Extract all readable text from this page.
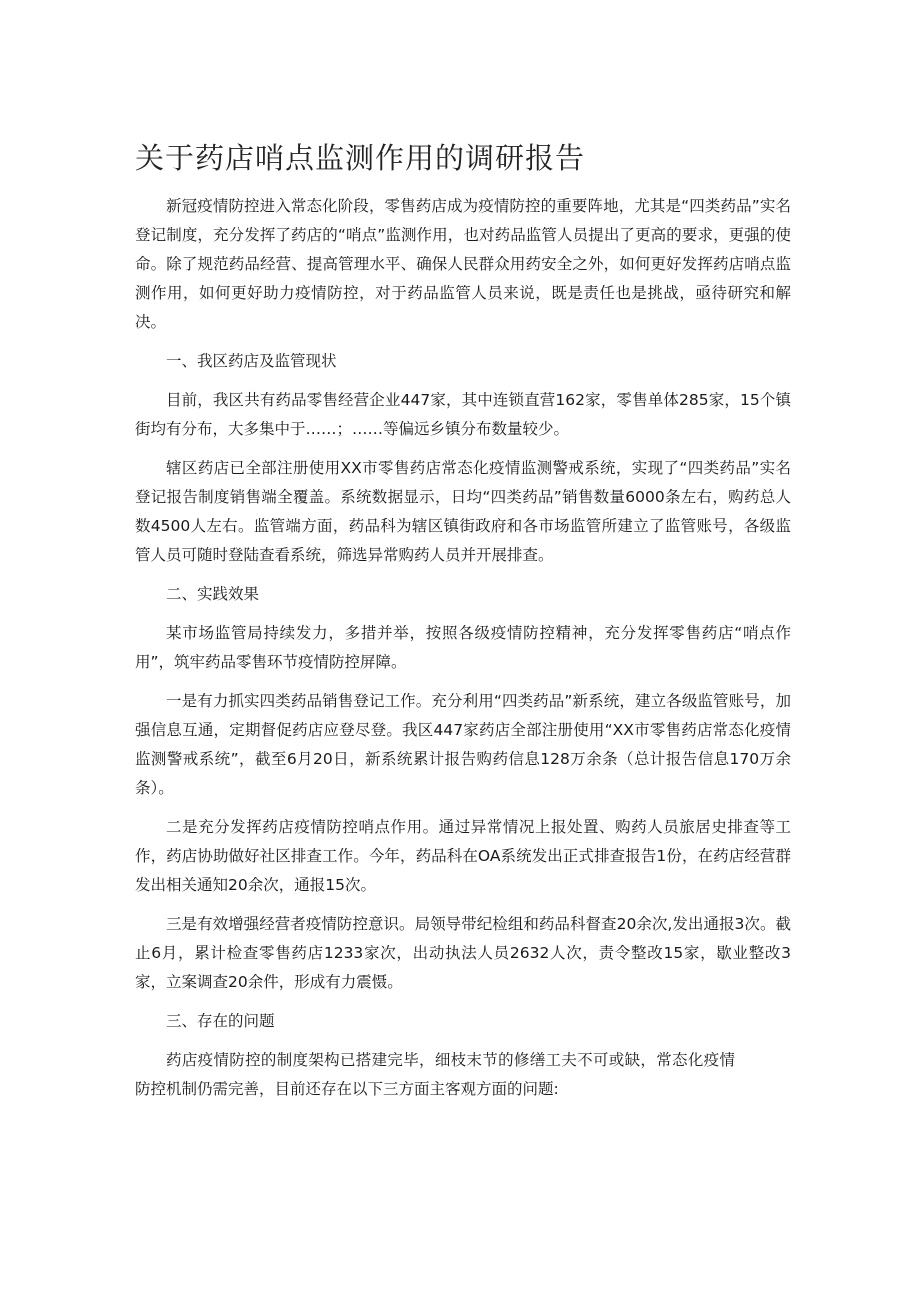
关于药店哨点监测作用的调研报告

新冠疫情防控进入常态化阶段，零售药店成为疫情防控的重要阵地，尤其是“四类药品”实名登记制度，充分发挥了药店的“哨点”监测作用，也对药品监管人员提出了更高的要求，更强的使命。除了规范药品经营、提高管理水平、确保人民群众用药安全之外，如何更好发挥药店哨点监测作用，如何更好助力疫情防控，对于药品监管人员来说，既是责任也是挑战，亟待研究和解决。

一、我区药店及监管现状

目前，我区共有药品零售经营企业447家，其中连锁直营162家，零售单体285家，15个镇街均有分布，大多集中于……；……等偏远乡镇分布数量较少。

辖区药店已全部注册使用XX市零售药店常态化疫情监测警戒系统，实现了“四类药品”实名登记报告制度销售端全覆盖。系统数据显示，日均“四类药品”销售数量6000条左右，购药总人数4500人左右。监管端方面，药品科为辖区镇街政府和各市场监管所建立了监管账号，各级监管人员可随时登陆查看系统，筛选异常购药人员并开展排查。

二、实践效果

某市场监管局持续发力，多措并举，按照各级疫情防控精神，充分发挥零售药店“哨点作用”，筑牢药品零售环节疫情防控屏障。

一是有力抓实四类药品销售登记工作。充分利用“四类药品”新系统，建立各级监管账号，加强信息互通，定期督促药店应登尽登。我区447家药店全部注册使用“XX市零售药店常态化疫情监测警戒系统”，截至6月20日，新系统累计报告购药信息128万余条（总计报告信息170万余条）。

二是充分发挥药店疫情防控哨点作用。通过异常情况上报处置、购药人员旅居史排查等工作，药店协助做好社区排查工作。今年，药品科在OA系统发出正式排查报告1份，在药店经营群发出相关通知20余次，通报15次。

三是有效增强经营者疫情防控意识。局领导带纪检组和药品科督查20余次,发出通报3次。截止6月，累计检查零售药店1233家次，出动执法人员2632人次，责令整改15家，歇业整改3家，立案调查20余件，形成有力震慑。

三、存在的问题

药店疫情防控的制度架构已搭建完毕，细枝末节的修缮工夫不可或缺，常态化疫情防控机制仍需完善，目前还存在以下三方面主客观方面的问题:
